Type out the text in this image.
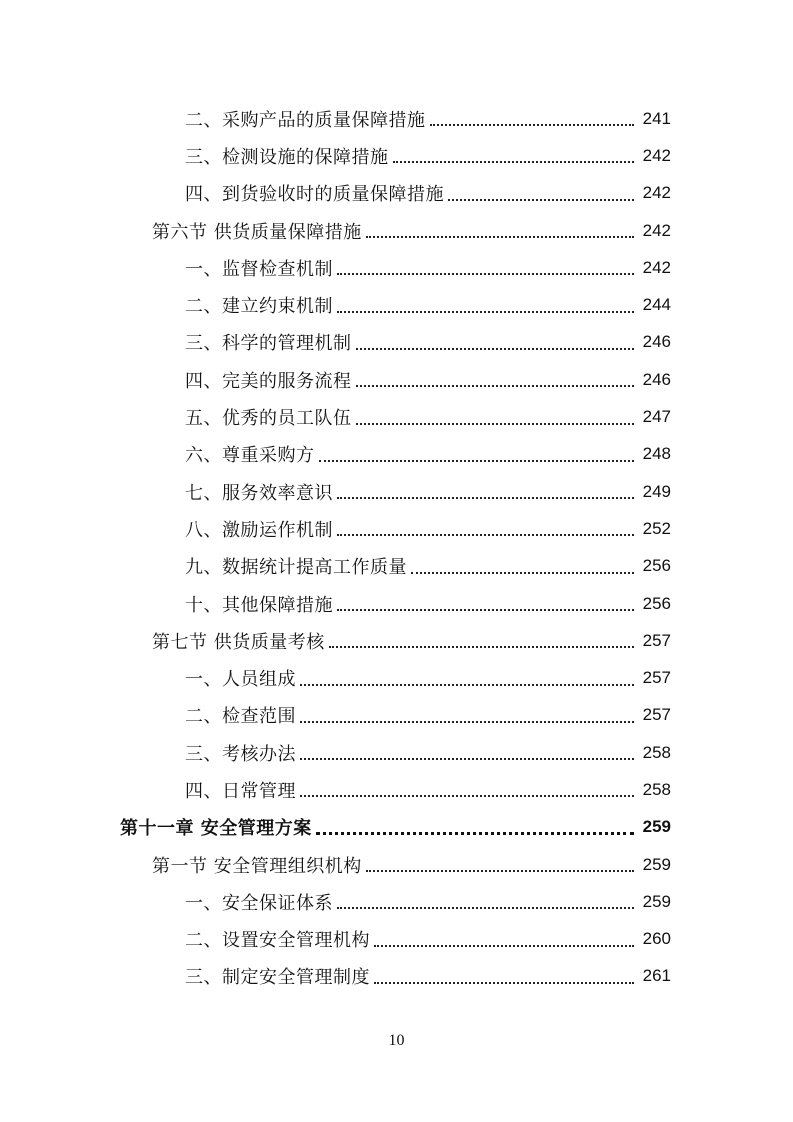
二、采购产品的质量保障措施	241
三、检测设施的保障措施	242
四、到货验收时的质量保障措施	242
第六节 供货质量保障措施	242
一、监督检查机制	242
二、建立约束机制	244
三、科学的管理机制	246
四、完美的服务流程	246
五、优秀的员工队伍	247
六、尊重采购方	248
七、服务效率意识	249
八、激励运作机制	252
九、数据统计提高工作质量	256
十、其他保障措施	256
第七节 供货质量考核	257
一、人员组成	257
二、检查范围	257
三、考核办法	258
四、日常管理	258
第十一章 安全管理方案	259
第一节 安全管理组织机构	259
一、安全保证体系	259
二、设置安全管理机构	260
三、制定安全管理制度	261
10
